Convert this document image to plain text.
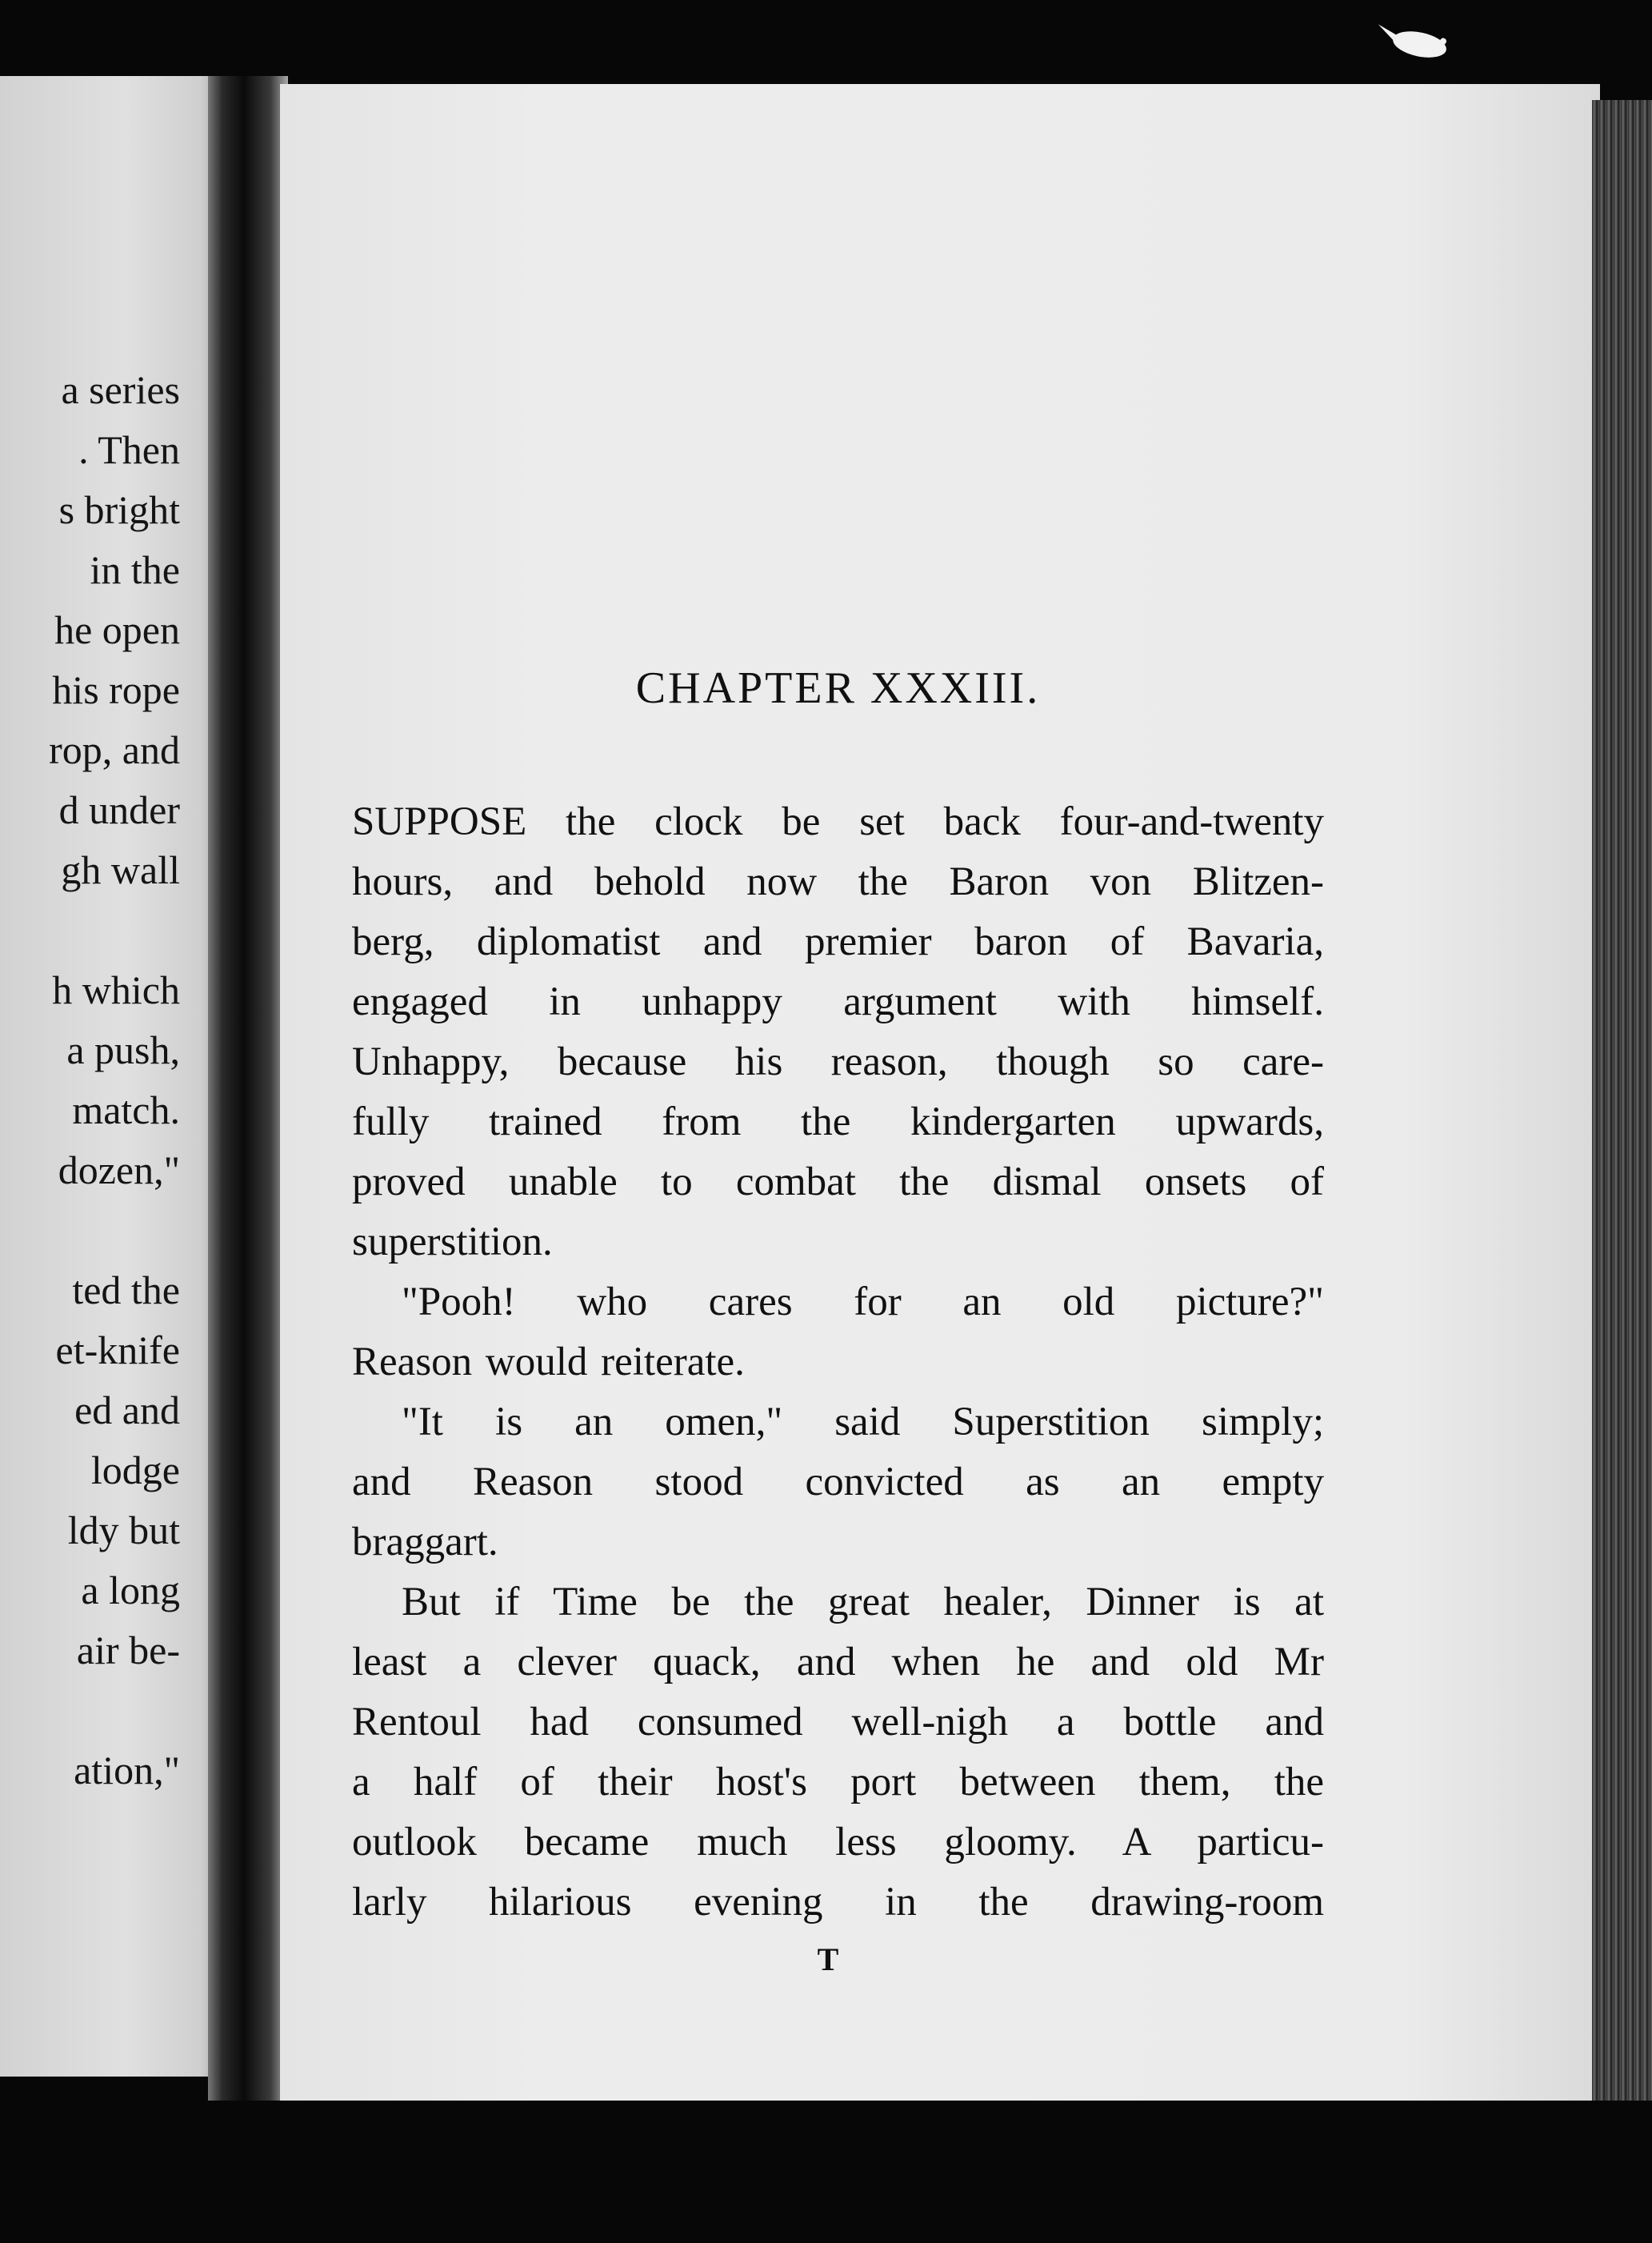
a series
. Then
s bright
in the
he open
his rope
rop, and
d under
gh wall
h which
a push,
match.
dozen,"
ted the
et-knife
ed and
lodge
ldy but
a long
air be-
ation,"
CHAPTER XXXIII.
SUPPOSE the clock be set back four-and-twenty
hours, and behold now the Baron von Blitzen-
berg, diplomatist and premier baron of Bavaria,
engaged in unhappy argument with himself.
Unhappy, because his reason, though so care-
fully trained from the kindergarten upwards,
proved unable to combat the dismal onsets of
superstition.
"Pooh! who cares for an old picture?"
Reason would reiterate.
"It is an omen," said Superstition simply;
and Reason stood convicted as an empty
braggart.
But if Time be the great healer, Dinner is at
least a clever quack, and when he and old Mr
Rentoul had consumed well-nigh a bottle and
a half of their host's port between them, the
outlook became much less gloomy. A particu-
larly hilarious evening in the drawing-room
T
